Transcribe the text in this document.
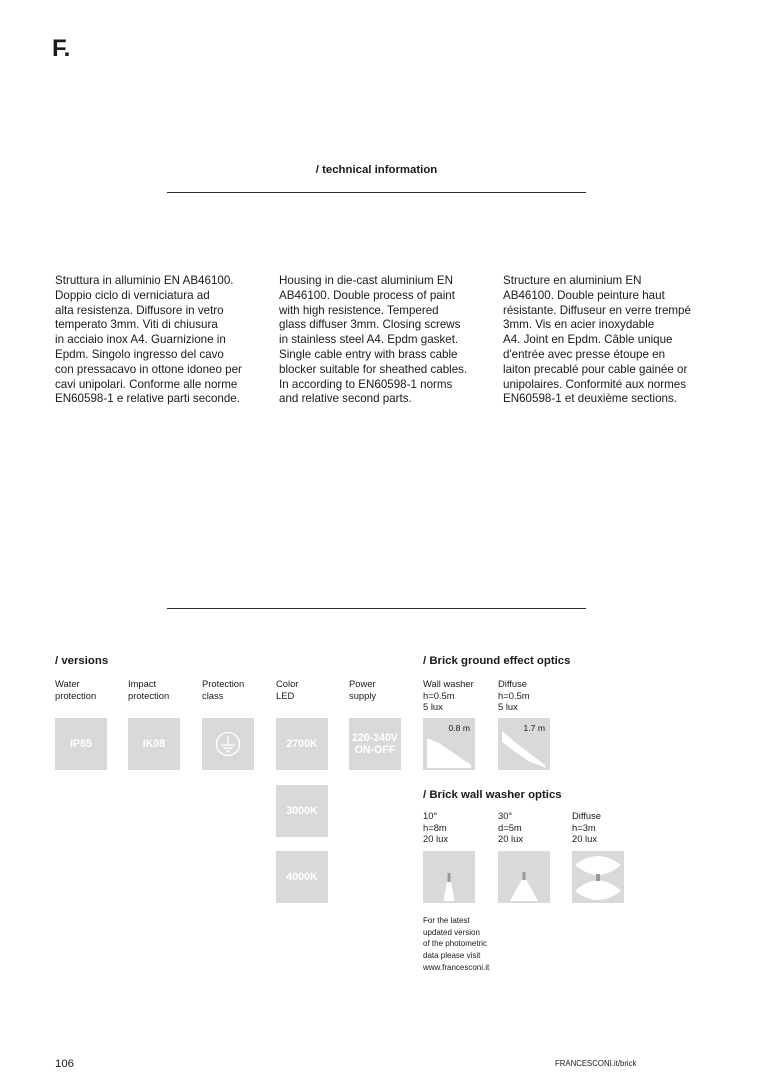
F.
/ technical information
/ versions	/ Brick ground effect optics
/ Brick wall washer optics
106	FRANCESCONI.it/brick
Struttura in alluminio EN AB46100.
Doppio ciclo di verniciatura ad
alta resistenza. Diffusore in vetro
temperato 3mm. Viti di chiusura
in acciaio inox A4. Guarnizione in
Epdm. Singolo ingresso del cavo
con pressacavo in ottone idoneo per
cavi unipolari. Conforme alle norme
EN60598-1 e relative parti seconde.
Housing in die-cast aluminium EN
AB46100. Double process of paint
with high resistence. Tempered
glass diffuser 3mm. Closing screws
in stainless steel A4. Epdm gasket.
Single cable entry with brass cable
blocker suitable for sheathed cables.
In according to EN60598-1 norms
and relative second parts.
Structure en aluminium EN
AB46100. Double peinture haut
résistante. Diffuseur en verre trempé
3mm. Vis en acier inoxydable
A4. Joint en Epdm. Câble unique
d'entrée avec presse étoupe en
laiton precablé pour cable gainée or
unipolaires. Conformité aux normes
EN60598-1 et deuxième sections.
Water
protection
IP65
Impact
protection
IK08
Protection
class
Color
LED
2700K
3000K
4000K
Power
supply
220-240V
ON-OFF
Wall washer
h=0.5m
5 lux
0.8 m
Diffuse
h=0.5m
5 lux
1.7 m
10°
h=8m
20 lux
30°
d=5m
20 lux
Diffuse
h=3m
20 lux
For the latest
updated version
of the photometric
data please visit
www.francesconi.it
